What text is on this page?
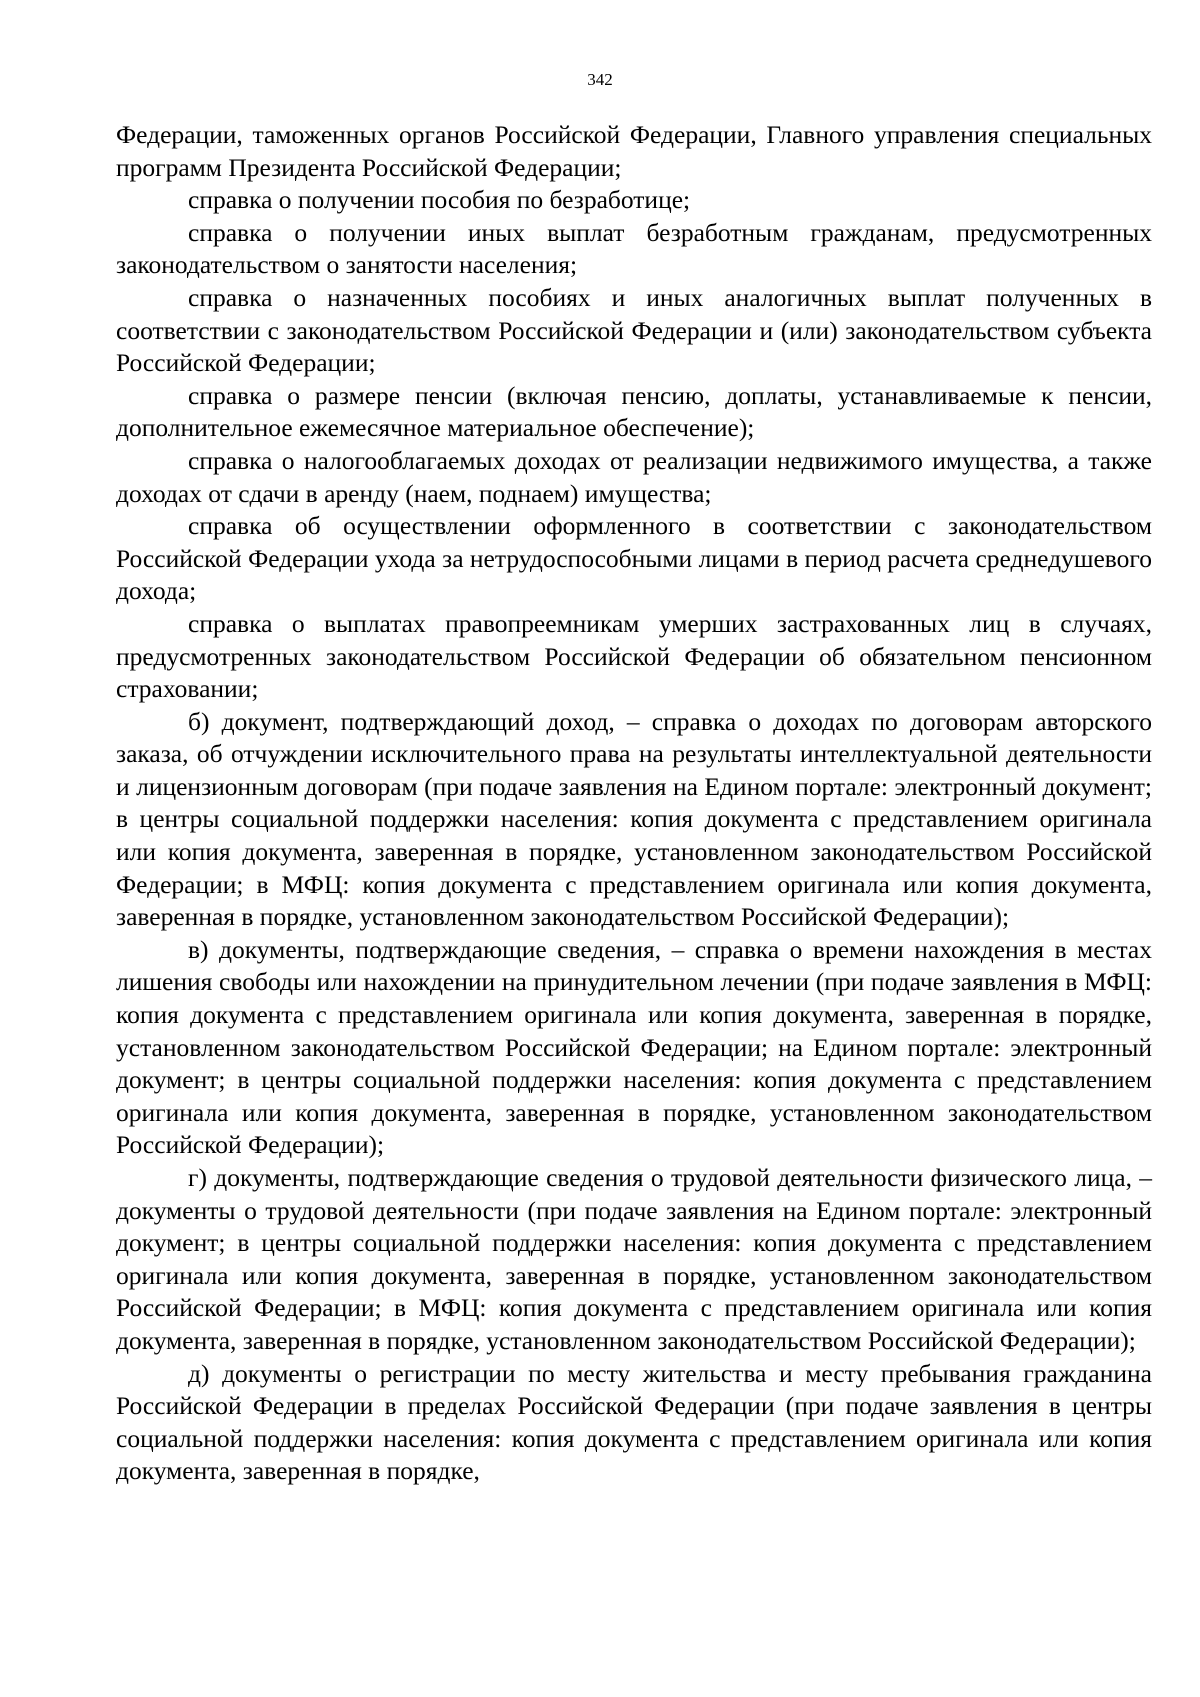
342

Федерации, таможенных органов Российской Федерации, Главного управления специальных программ Президента Российской Федерации;

справка о получении пособия по безработице;

справка о получении иных выплат безработным гражданам, предусмотренных законодательством о занятости населения;

справка о назначенных пособиях и иных аналогичных выплат полученных в соответствии с законодательством Российской Федерации и (или) законодательством субъекта Российской Федерации;

справка о размере пенсии (включая пенсию, доплаты, устанавливаемые к пенсии, дополнительное ежемесячное материальное обеспечение);

справка о налогооблагаемых доходах от реализации недвижимого имущества, а также доходах от сдачи в аренду (наем, поднаем) имущества;

справка об осуществлении оформленного в соответствии с законодательством Российской Федерации ухода за нетрудоспособными лицами в период расчета среднедушевого дохода;

справка о выплатах правопреемникам умерших застрахованных лиц в случаях, предусмотренных законодательством Российской Федерации об обязательном пенсионном страховании;

б) документ, подтверждающий доход, – справка о доходах по договорам авторского заказа, об отчуждении исключительного права на результаты интеллектуальной деятельности и лицензионным договорам (при подаче заявления на Едином портале: электронный документ; в центры социальной поддержки населения: копия документа с представлением оригинала или копия документа, заверенная в порядке, установленном законодательством Российской Федерации; в МФЦ: копия документа с представлением оригинала или копия документа, заверенная в порядке, установленном законодательством Российской Федерации);

в) документы, подтверждающие сведения, – справка о времени нахождения в местах лишения свободы или нахождении на принудительном лечении (при подаче заявления в МФЦ: копия документа с представлением оригинала или копия документа, заверенная в порядке, установленном законодательством Российской Федерации; на Едином портале: электронный документ; в центры социальной поддержки населения: копия документа с представлением оригинала или копия документа, заверенная в порядке, установленном законодательством Российской Федерации);

г) документы, подтверждающие сведения о трудовой деятельности физического лица, – документы о трудовой деятельности (при подаче заявления на Едином портале: электронный документ; в центры социальной поддержки населения: копия документа с представлением оригинала или копия документа, заверенная в порядке, установленном законодательством Российской Федерации; в МФЦ: копия документа с представлением оригинала или копия документа, заверенная в порядке, установленном законодательством Российской Федерации);

д) документы о регистрации по месту жительства и месту пребывания гражданина Российской Федерации в пределах Российской Федерации (при подаче заявления в центры социальной поддержки населения: копия документа с представлением оригинала или копия документа, заверенная в порядке,
